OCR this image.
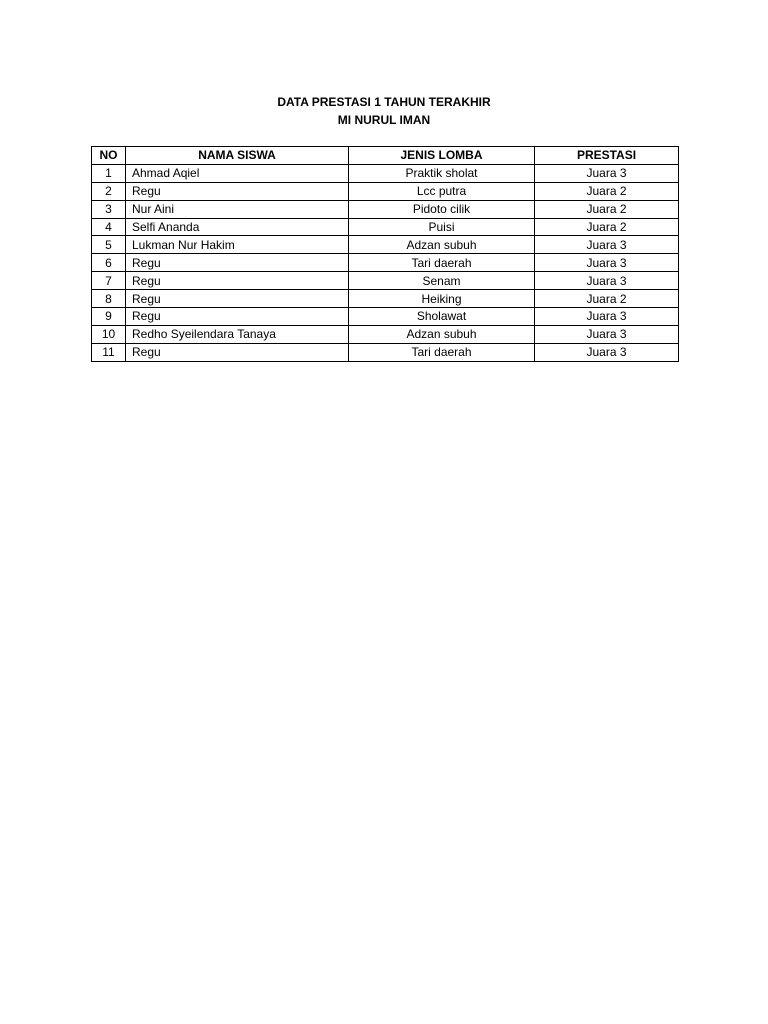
DATA PRESTASI 1 TAHUN TERAKHIR
MI NURUL IMAN
NO	NAMA SISWA	JENIS LOMBA	PRESTASI
1	Ahmad Aqiel	Praktik sholat	Juara 3
2	Regu	Lcc putra	Juara 2
3	Nur Aini	Pidoto cilik	Juara 2
4	Selfi Ananda	Puisi	Juara 2
5	Lukman Nur Hakim	Adzan subuh	Juara 3
6	Regu	Tari daerah	Juara 3
7	Regu	Senam	Juara 3
8	Regu	Heiking	Juara 2
9	Regu	Sholawat	Juara 3
10	Redho Syeilendara Tanaya	Adzan subuh	Juara 3
11	Regu	Tari daerah	Juara 3
